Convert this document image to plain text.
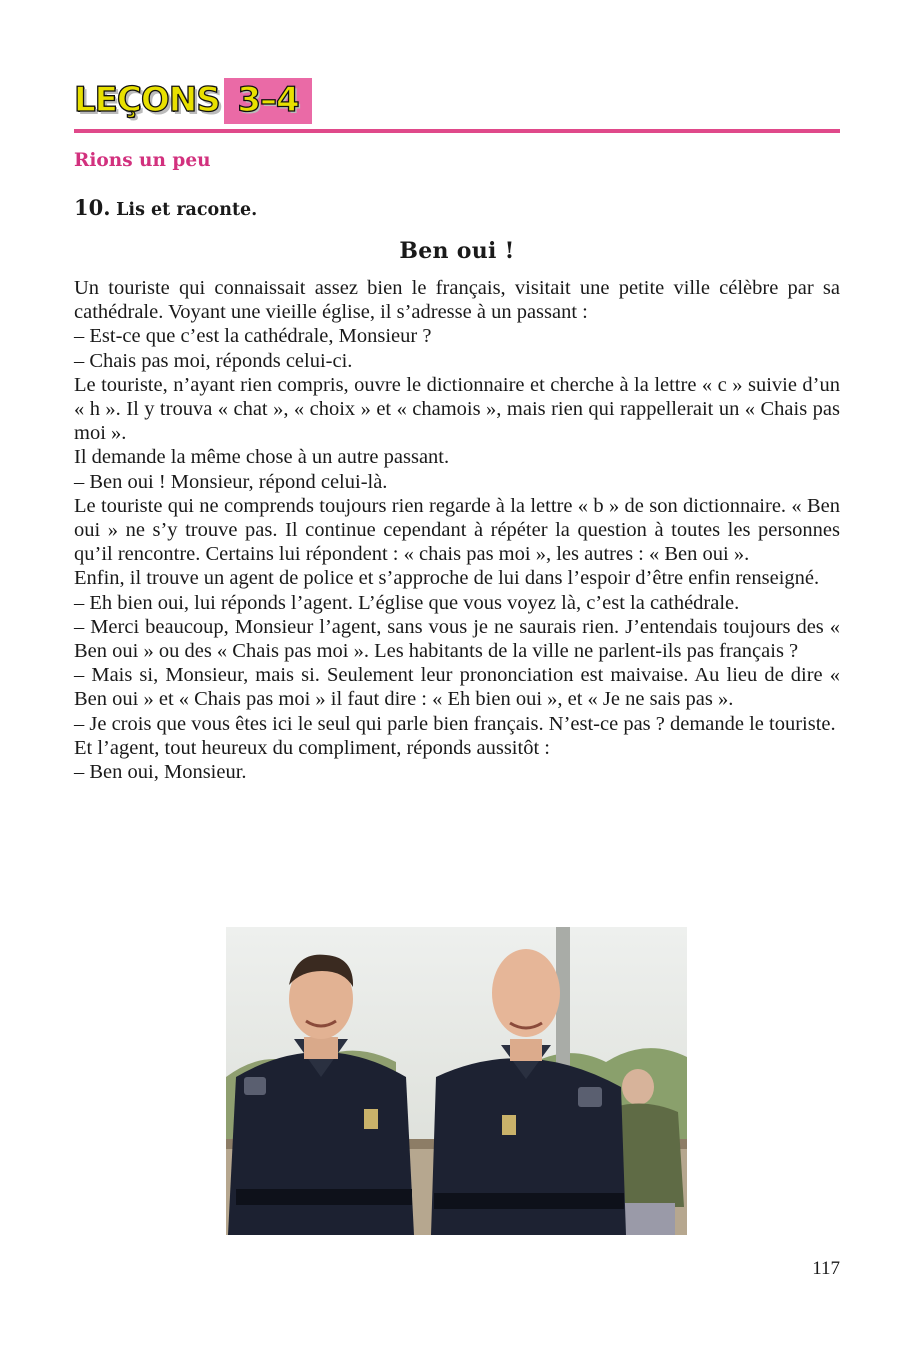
LEÇONS 3–4
Rions un peu
10. Lis et raconte.
Ben oui !

Un touriste qui connaissait assez bien le français, visitait une petite ville célèbre par sa cathédrale. Voyant une vieille église, il s’adresse à un passant :

– Est-ce que c’est la cathédrale, Monsieur ?

– Chais pas moi, réponds celui-ci.

Le touriste, n’ayant rien compris, ouvre le dictionnaire et cherche à la lettre « c » suivie d’un « h ». Il y trouva « chat », « choix » et « chamois », mais rien qui rappellerait un « Chais pas moi ».

Il demande la même chose à un autre passant.

– Ben oui ! Monsieur, répond celui-là.

Le touriste qui ne comprends toujours rien regarde à la lettre « b » de son dictionnaire. « Ben oui » ne s’y trouve pas. Il continue cependant à répéter la question à toutes les personnes qu’il rencontre. Certains lui répondent : « chais pas moi », les autres : « Ben oui ».

Enfin, il trouve un agent de police et s’approche de lui dans l’espoir d’être enfin renseigné.

– Eh bien oui, lui réponds l’agent. L’église que vous voyez là, c’est la cathédrale.

– Merci beaucoup, Monsieur l’agent, sans vous je ne saurais rien. J’entendais toujours des « Ben oui » ou des « Chais pas moi ». Les habitants de la ville ne parlent-ils pas français ?

– Mais si, Monsieur, mais si. Seulement leur prononciation est maivaise. Au lieu de dire « Ben oui » et « Chais pas moi » il faut dire : « Eh bien oui », et « Je ne sais pas ».

– Je crois que vous êtes ici le seul qui parle bien français. N’est-ce pas ? demande le touriste.

Et l’agent, tout heureux du compliment, réponds aussitôt :

– Ben oui, Monsieur.

117
